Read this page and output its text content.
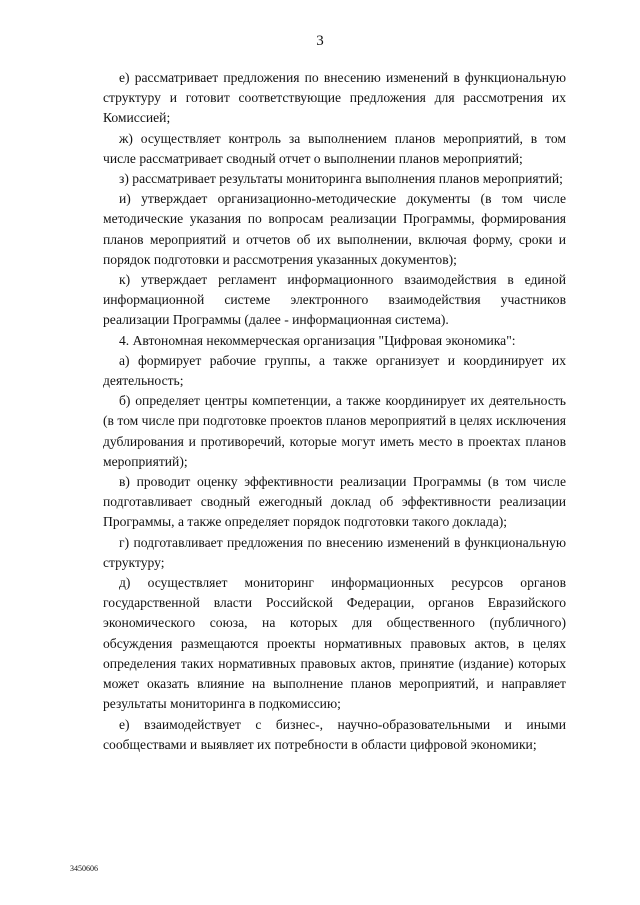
3

е) рассматривает предложения по внесению изменений в функциональную структуру и готовит соответствующие предложения для рассмотрения их Комиссией;

ж) осуществляет контроль за выполнением планов мероприятий, в том числе рассматривает сводный отчет о выполнении планов мероприятий;

з) рассматривает результаты мониторинга выполнения планов мероприятий;

и) утверждает организационно-методические документы (в том числе методические указания по вопросам реализации Программы, формирования планов мероприятий и отчетов об их выполнении, включая форму, сроки и порядок подготовки и рассмотрения указанных документов);

к) утверждает регламент информационного взаимодействия в единой информационной системе электронного взаимодействия участников реализации Программы (далее - информационная система).

4. Автономная некоммерческая организация "Цифровая экономика":

а) формирует рабочие группы, а также организует и координирует их деятельность;

б) определяет центры компетенции, а также координирует их деятельность (в том числе при подготовке проектов планов мероприятий в целях исключения дублирования и противоречий, которые могут иметь место в проектах планов мероприятий);

в) проводит оценку эффективности реализации Программы (в том числе подготавливает сводный ежегодный доклад об эффективности реализации Программы, а также определяет порядок подготовки такого доклада);

г) подготавливает предложения по внесению изменений в функциональную структуру;

д) осуществляет мониторинг информационных ресурсов органов государственной власти Российской Федерации, органов Евразийского экономического союза, на которых для общественного (публичного) обсуждения размещаются проекты нормативных правовых актов, в целях определения таких нормативных правовых актов, принятие (издание) которых может оказать влияние на выполнение планов мероприятий, и направляет результаты мониторинга в подкомиссию;

е) взаимодействует с бизнес-, научно-образовательными и иными сообществами и выявляет их потребности в области цифровой экономики;

3450606
